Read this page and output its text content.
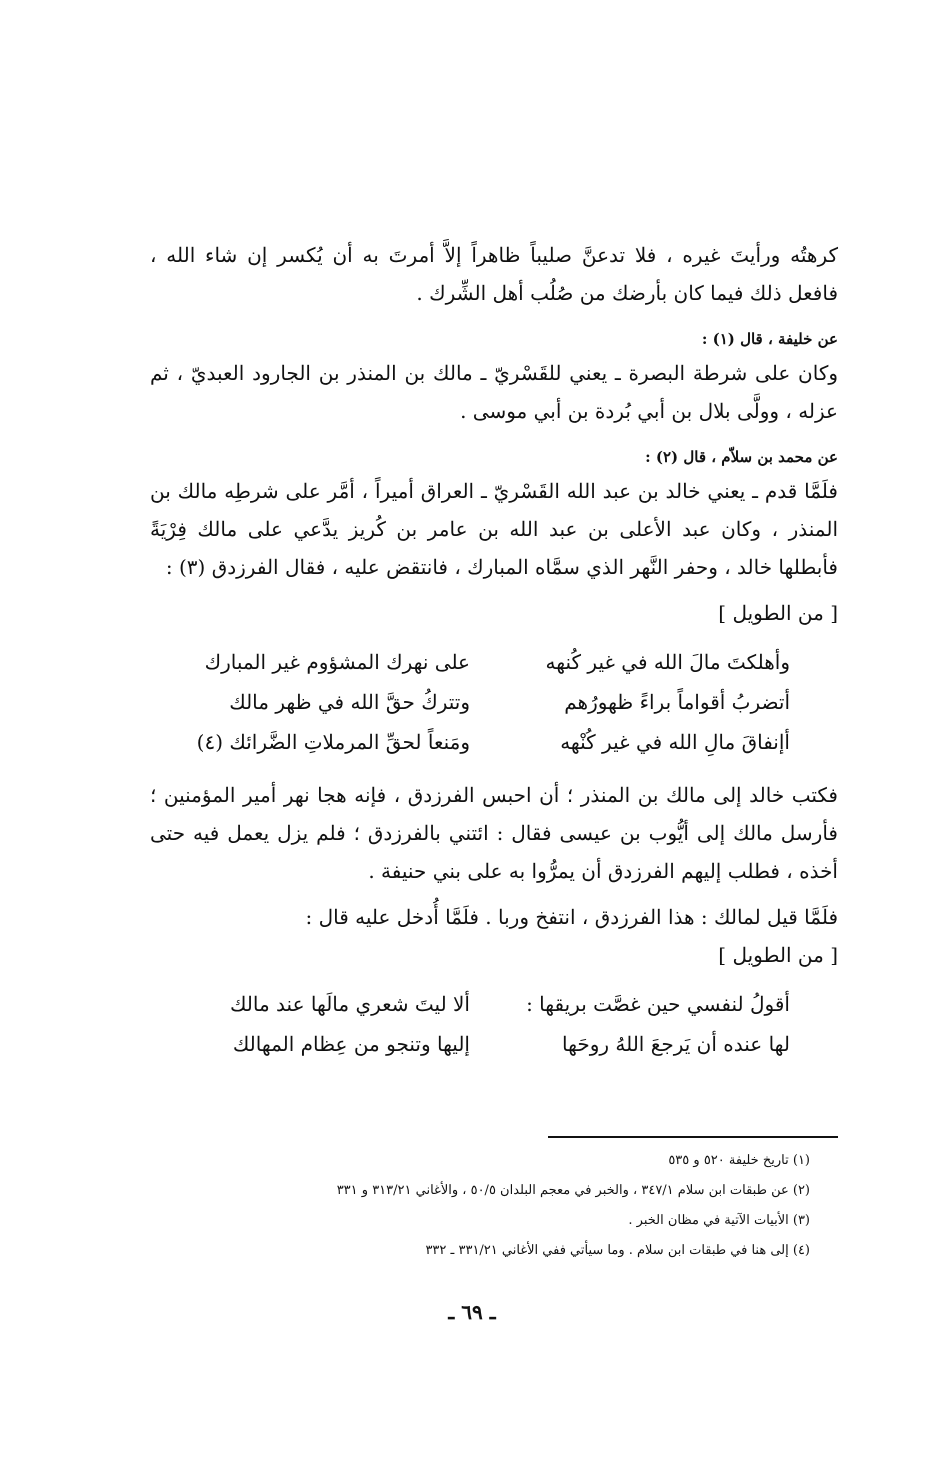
كرهتُه ورأيتَ غيره ، فلا تدعنَّ صليباً ظاهراً إلاَّ أمرتَ به أن يُكسر إن شاء الله ، فافعل ذلك فيما كان بأرضك من صُلُب أهل الشِّرك .

عن خليفة ، قال (١) :

وكان على شرطة البصرة ـ يعني للقَسْريّ ـ مالك بن المنذر بن الجارود العبديّ ، ثم عزله ، وولَّى بلال بن أبي بُردة بن أبي موسى .

عن محمد بن سلاّم ، قال (٢) :

فلَمَّا قدم ـ يعني خالد بن عبد الله القَسْريّ ـ العراق أميراً ، أمَّر على شرطِه مالك بن المنذر ، وكان عبد الأعلى بن عبد الله بن عامر بن كُريز يدَّعي على مالك فِرْيَةً فأبطلها خالد ، وحفر النَّهر الذي سمَّاه المبارك ، فانتقض عليه ، فقال الفرزدق (٣) :

[ من الطويل ]

وأهلكتَ مالَ الله في غير كُنهه
على نهرك المشؤوم غير المبارك
أتضربُ أقواماً براءً ظهورُهم
وتتركُ حقَّ الله في ظهر مالك
أإنفاقَ مالِ الله في غير كُنْهه
ومَنعاً لحقِّ المرملاتِ الضَّرائك (٤)

فكتب خالد إلى مالك بن المنذر ؛ أن احبس الفرزدق ، فإنه هجا نهر أمير المؤمنين ؛ فأرسل مالك إلى أيُّوب بن عيسى فقال : ائتني بالفرزدق ؛ فلم يزل يعمل فيه حتى أخذه ، فطلب إليهم الفرزدق أن يمرُّوا به على بني حنيفة .

فلَمَّا قيل لمالك : هذا الفرزدق ، انتفخ وربا . فلَمَّا أُدخل عليه قال :

[ من الطويل ]

أقولُ لنفسي حين غصَّت بريقها :
ألا ليتَ شعري مالَها عند مالك
لها عنده أن يَرجعَ اللهُ روحَها
إليها وتنجو من عِظام المهالك

(١) تاريخ خليفة ٥٢٠ و ٥٣٥

(٢) عن طبقات ابن سلام ٣٤٧/١ ، والخبر في معجم البلدان ٥٠/٥ ، والأغاني ٣١٣/٢١ و ٣٣١

(٣) الأبيات الآتية في مظان الخبر .

(٤) إلى هنا في طبقات ابن سلام . وما سيأتي ففي الأغاني ٣٣١/٢١ ـ ٣٣٢

ـ ٦٩ ـ
